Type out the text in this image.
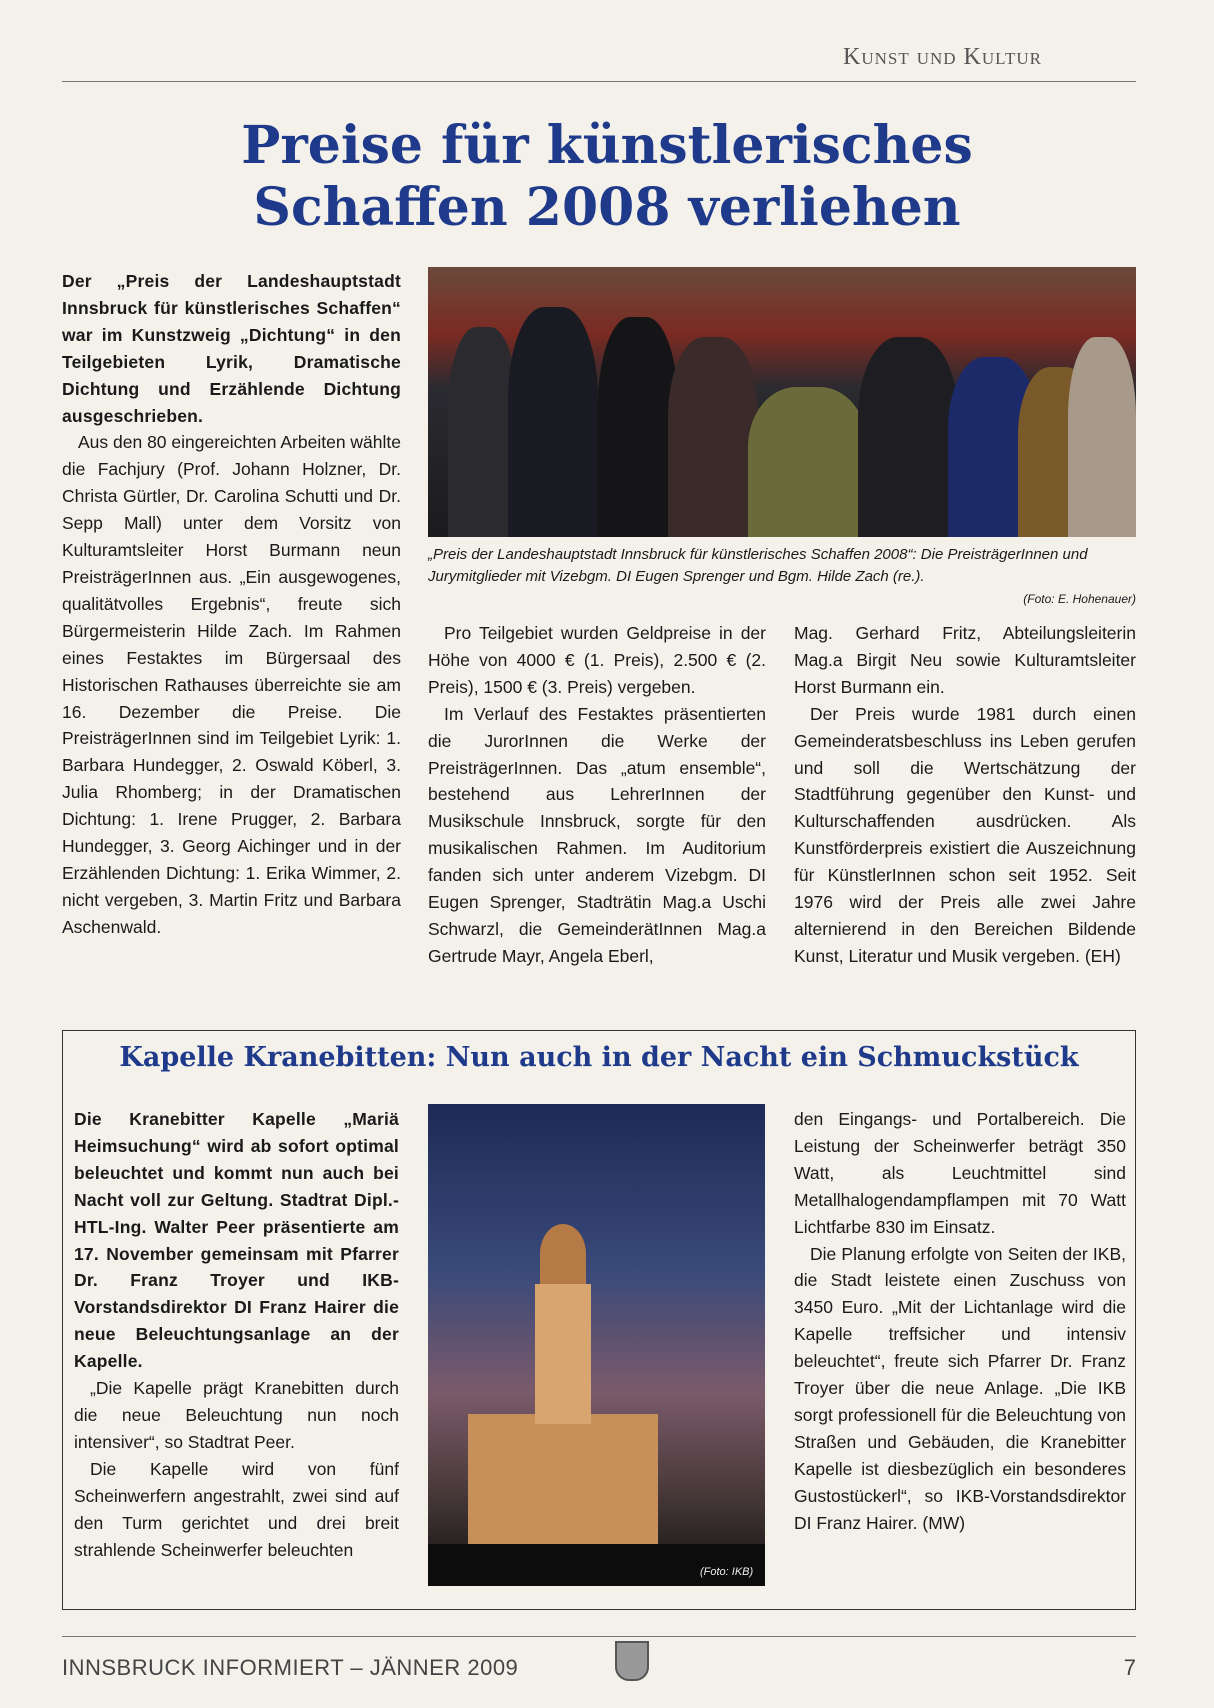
Kunst und Kultur
Preise für künstlerisches
Schaffen 2008 verliehen

Der „Preis der Landeshauptstadt Innsbruck für künstlerisches Schaffen“ war im Kunstzweig „Dichtung“ in den Teilgebieten Lyrik, Dramatische Dichtung und Erzählende Dichtung ausgeschrieben.

Aus den 80 eingereichten Arbeiten wählte die Fachjury (Prof. Johann Holzner, Dr. Christa Gürtler, Dr. Carolina Schutti und Dr. Sepp Mall) unter dem Vorsitz von Kulturamtsleiter Horst Burmann neun PreisträgerInnen aus. „Ein ausgewogenes, qualitätvolles Ergebnis“, freute sich Bürgermeisterin Hilde Zach. Im Rahmen eines Festaktes im Bürgersaal des Historischen Rathauses überreichte sie am 16. Dezember die Preise. Die PreisträgerInnen sind im Teilgebiet Lyrik: 1. Barbara Hundegger, 2. Oswald Köberl, 3. Julia Rhomberg; in der Dramatischen Dichtung: 1. Irene Prugger, 2. Barbara Hundegger, 3. Georg Aichinger und in der Erzählenden Dichtung: 1. Erika Wimmer, 2. nicht vergeben, 3. Martin Fritz und Barbara Aschenwald.

„Preis der Landeshauptstadt Innsbruck für künstlerisches Schaffen 2008“: Die PreisträgerInnen und Jurymitglieder mit Vizebgm. DI Eugen Sprenger und Bgm. Hilde Zach (re.).
(Foto: E. Hohenauer)

Pro Teilgebiet wurden Geldpreise in der Höhe von 4000 € (1. Preis), 2.500 € (2. Preis), 1500 € (3. Preis) vergeben.

Im Verlauf des Festaktes präsentierten die JurorInnen die Werke der PreisträgerInnen. Das „atum ensemble“, bestehend aus LehrerInnen der Musikschule Innsbruck, sorgte für den musikalischen Rahmen. Im Auditorium fanden sich unter anderem Vizebgm. DI Eugen Sprenger, Stadträtin Mag.a Uschi Schwarzl, die GemeinderätInnen Mag.a Gertrude Mayr, Angela Eberl,

Mag. Gerhard Fritz, Abteilungsleiterin Mag.a Birgit Neu sowie Kulturamtsleiter Horst Burmann ein.

Der Preis wurde 1981 durch einen Gemeinderatsbeschluss ins Leben gerufen und soll die Wertschätzung der Stadtführung gegenüber den Kunst- und Kulturschaffenden ausdrücken. Als Kunstförderpreis existiert die Auszeichnung für KünstlerInnen schon seit 1952. Seit 1976 wird der Preis alle zwei Jahre alternierend in den Bereichen Bildende Kunst, Literatur und Musik vergeben. (EH)

Kapelle Kranebitten: Nun auch in der Nacht ein Schmuckstück

Die Kranebitter Kapelle „Mariä Heimsuchung“ wird ab sofort optimal beleuchtet und kommt nun auch bei Nacht voll zur Geltung. Stadtrat Dipl.-HTL-Ing. Walter Peer präsentierte am 17. November gemeinsam mit Pfarrer Dr. Franz Troyer und IKB-Vorstandsdirektor DI Franz Hairer die neue Beleuchtungsanlage an der Kapelle.

„Die Kapelle prägt Kranebitten durch die neue Beleuchtung nun noch intensiver“, so Stadtrat Peer.

Die Kapelle wird von fünf Scheinwerfern angestrahlt, zwei sind auf den Turm gerichtet und drei breit strahlende Scheinwerfer beleuchten

(Foto: IKB)

den Eingangs- und Portalbereich. Die Leistung der Scheinwerfer beträgt 350 Watt, als Leuchtmittel sind Metallhalogendampflampen mit 70 Watt Lichtfarbe 830 im Einsatz.

Die Planung erfolgte von Seiten der IKB, die Stadt leistete einen Zuschuss von 3450 Euro. „Mit der Lichtanlage wird die Kapelle treffsicher und intensiv beleuchtet“, freute sich Pfarrer Dr. Franz Troyer über die neue Anlage. „Die IKB sorgt professionell für die Beleuchtung von Straßen und Gebäuden, die Kranebitter Kapelle ist diesbezüglich ein besonderes Gustostückerl“, so IKB-Vorstandsdirektor DI Franz Hairer. (MW)

INNSBRUCK INFORMIERT – JÄNNER 2009	7
